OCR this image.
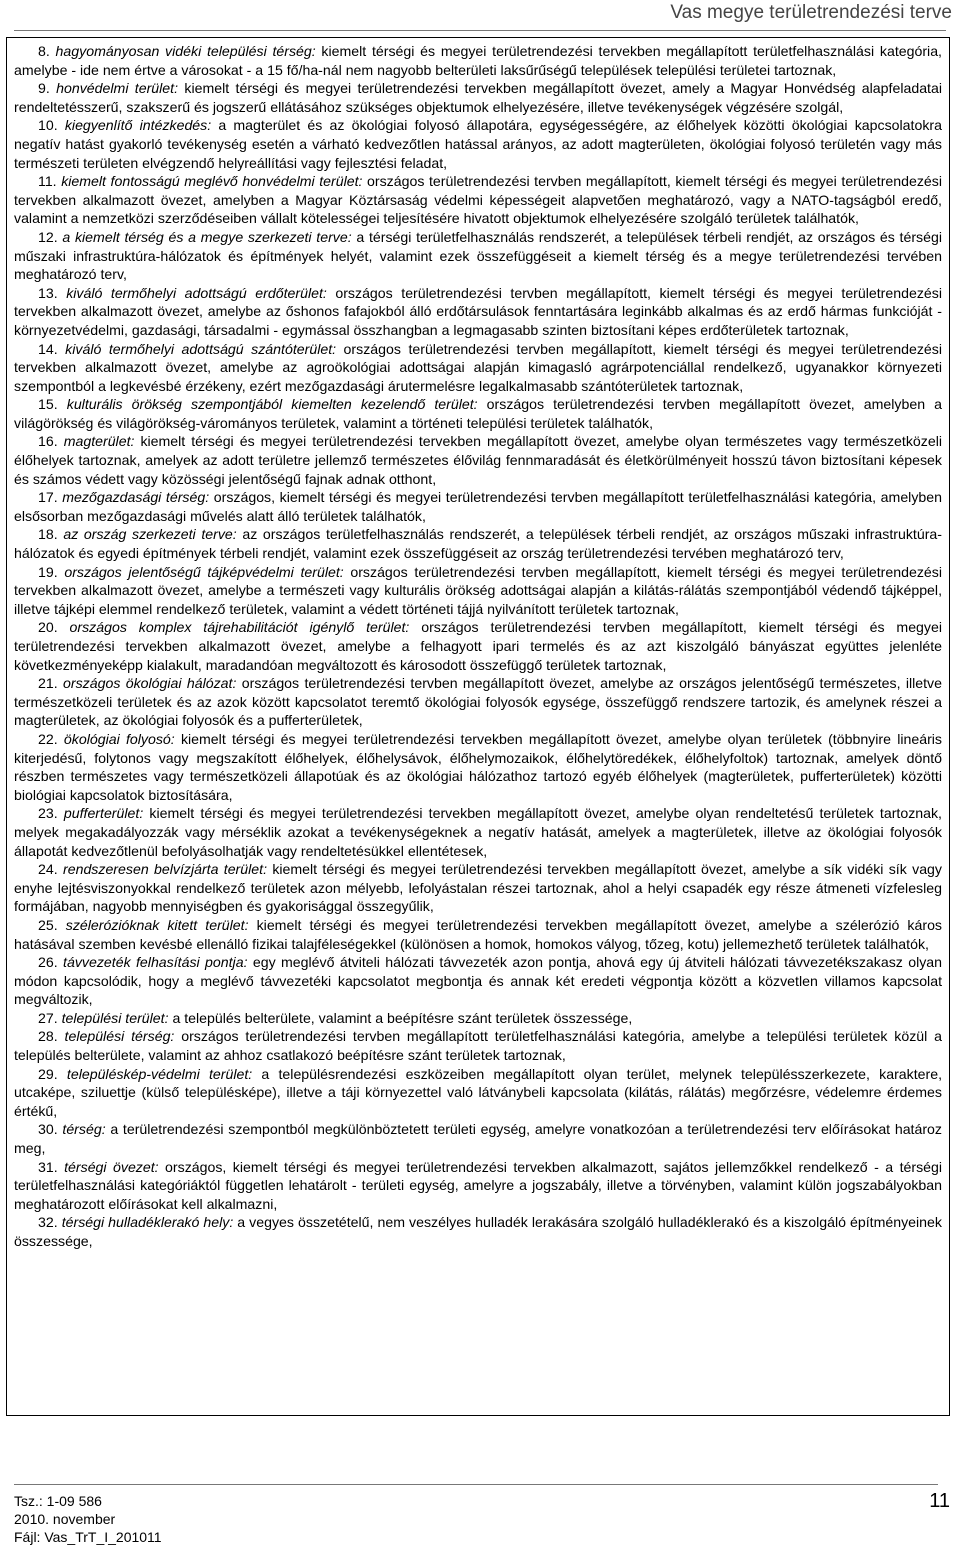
Vas megye területrendezési terve

8. hagyományosan vidéki települési térség: kiemelt térségi és megyei területrendezési tervekben megállapított területfelhasználási kategória, amelybe - ide nem értve a városokat - a 15 fő/ha-nál nem nagyobb belterületi laksűrűségű települések települési területei tartoznak,

9. honvédelmi terület: kiemelt térségi és megyei területrendezési tervekben megállapított övezet, amely a Magyar Honvédség alapfeladatai rendeltetésszerű, szakszerű és jogszerű ellátásához szükséges objektumok elhelyezésére, illetve tevékenységek végzésére szolgál,

10. kiegyenlítő intézkedés: a magterület és az ökológiai folyosó állapotára, egységességére, az élőhelyek közötti ökológiai kapcsolatokra negatív hatást gyakorló tevékenység esetén a várható kedvezőtlen hatással arányos, az adott magterületen, ökológiai folyosó területén vagy más természeti területen elvégzendő helyreállítási vagy fejlesztési feladat,

11. kiemelt fontosságú meglévő honvédelmi terület: országos területrendezési tervben megállapított, kiemelt térségi és megyei területrendezési tervekben alkalmazott övezet, amelyben a Magyar Köztársaság védelmi képességeit alapvetően meghatározó, vagy a NATO-tagságból eredő, valamint a nemzetközi szerződéseiben vállalt kötelességei teljesítésére hivatott objektumok elhelyezésére szolgáló területek találhatók,

12. a kiemelt térség és a megye szerkezeti terve: a térségi területfelhasználás rendszerét, a települések térbeli rendjét, az országos és térségi műszaki infrastruktúra-hálózatok és építmények helyét, valamint ezek összefüggéseit a kiemelt térség és a megye területrendezési tervében meghatározó terv,

13. kiváló termőhelyi adottságú erdőterület: országos területrendezési tervben megállapított, kiemelt térségi és megyei területrendezési tervekben alkalmazott övezet, amelybe az őshonos fafajokból álló erdőtársulások fenntartására leginkább alkalmas és az erdő hármas funkcióját - környezetvédelmi, gazdasági, társadalmi - egymással összhangban a legmagasabb szinten biztosítani képes erdőterületek tartoznak,

14. kiváló termőhelyi adottságú szántóterület: országos területrendezési tervben megállapított, kiemelt térségi és megyei területrendezési tervekben alkalmazott övezet, amelybe az agroökológiai adottságai alapján kimagasló agrárpotenciállal rendelkező, ugyanakkor környezeti szempontból a legkevésbé érzékeny, ezért mezőgazdasági árutermelésre legalkalmasabb szántóterületek tartoznak,

15. kulturális örökség szempontjából kiemelten kezelendő terület: országos területrendezési tervben megállapított övezet, amelyben a világörökség és világörökség-várományos területek, valamint a történeti települési területek találhatók,

16. magterület: kiemelt térségi és megyei területrendezési tervekben megállapított övezet, amelybe olyan természetes vagy természetközeli élőhelyek tartoznak, amelyek az adott területre jellemző természetes élővilág fennmaradását és életkörülményeit hosszú távon biztosítani képesek és számos védett vagy közösségi jelentőségű fajnak adnak otthont,

17. mezőgazdasági térség: országos, kiemelt térségi és megyei területrendezési tervben megállapított területfelhasználási kategória, amelyben elsősorban mezőgazdasági művelés alatt álló területek találhatók,

18. az ország szerkezeti terve: az országos területfelhasználás rendszerét, a települések térbeli rendjét, az országos műszaki infrastruktúra-hálózatok és egyedi építmények térbeli rendjét, valamint ezek összefüggéseit az ország területrendezési tervében meghatározó terv,

19. országos jelentőségű tájképvédelmi terület: országos területrendezési tervben megállapított, kiemelt térségi és megyei területrendezési tervekben alkalmazott övezet, amelybe a természeti vagy kulturális örökség adottságai alapján a kilátás-rálátás szempontjából védendő tájképpel, illetve tájképi elemmel rendelkező területek, valamint a védett történeti tájjá nyilvánított területek tartoznak,

20. országos komplex tájrehabilitációt igénylő terület: országos területrendezési tervben megállapított, kiemelt térségi és megyei területrendezési tervekben alkalmazott övezet, amelybe a felhagyott ipari termelés és az azt kiszolgáló bányászat együttes jelenléte következményeképp kialakult, maradandóan megváltozott és károsodott összefüggő területek tartoznak,

21. országos ökológiai hálózat: országos területrendezési tervben megállapított övezet, amelybe az országos jelentőségű természetes, illetve természetközeli területek és az azok között kapcsolatot teremtő ökológiai folyosók egysége, összefüggő rendszere tartozik, és amelynek részei a magterületek, az ökológiai folyosók és a pufferterületek,

22. ökológiai folyosó: kiemelt térségi és megyei területrendezési tervekben megállapított övezet, amelybe olyan területek (többnyire lineáris kiterjedésű, folytonos vagy megszakított élőhelyek, élőhelysávok, élőhelymozaikok, élőhelytöredékek, élőhelyfoltok) tartoznak, amelyek döntő részben természetes vagy természetközeli állapotúak és az ökológiai hálózathoz tartozó egyéb élőhelyek (magterületek, pufferterületek) közötti biológiai kapcsolatok biztosítására,

23. pufferterület: kiemelt térségi és megyei területrendezési tervekben megállapított övezet, amelybe olyan rendeltetésű területek tartoznak, melyek megakadályozzák vagy mérséklik azokat a tevékenységeknek a negatív hatását, amelyek a magterületek, illetve az ökológiai folyosók állapotát kedvezőtlenül befolyásolhatják vagy rendeltetésükkel ellentétesek,

24. rendszeresen belvízjárta terület: kiemelt térségi és megyei területrendezési tervekben megállapított övezet, amelybe a sík vidéki sík vagy enyhe lejtésviszonyokkal rendelkező területek azon mélyebb, lefolyástalan részei tartoznak, ahol a helyi csapadék egy része átmeneti vízfelesleg formájában, nagyobb mennyiségben és gyakorisággal összegyűlik,

25. szélerózióknak kitett terület: kiemelt térségi és megyei területrendezési tervekben megállapított övezet, amelybe a szélerózió káros hatásával szemben kevésbé ellenálló fizikai talajféleségekkel (különösen a homok, homokos vályog, tőzeg, kotu) jellemezhető területek találhatók,

26. távvezeték felhasítási pontja: egy meglévő átviteli hálózati távvezeték azon pontja, ahová egy új átviteli hálózati távvezetékszakasz olyan módon kapcsolódik, hogy a meglévő távvezetéki kapcsolatot megbontja és annak két eredeti végpontja között a közvetlen villamos kapcsolat megváltozik,

27. települési terület: a település belterülete, valamint a beépítésre szánt területek összessége,

28. települési térség: országos területrendezési tervben megállapított területfelhasználási kategória, amelybe a települési területek közül a település belterülete, valamint az ahhoz csatlakozó beépítésre szánt területek tartoznak,

29. településkép-védelmi terület: a településrendezési eszközeiben megállapított olyan terület, melynek településszerkezete, karaktere, utcaképe, sziluettje (külső településképe), illetve a táji környezettel való látványbeli kapcsolata (kilátás, rálátás) megőrzésre, védelemre érdemes értékű,

30. térség: a területrendezési szempontból megkülönböztetett területi egység, amelyre vonatkozóan a területrendezési terv előírásokat határoz meg,

31. térségi övezet: országos, kiemelt térségi és megyei területrendezési tervekben alkalmazott, sajátos jellemzőkkel rendelkező - a térségi területfelhasználási kategóriáktól független lehatárolt - területi egység, amelyre a jogszabály, illetve a törvényben, valamint külön jogszabályokban meghatározott előírásokat kell alkalmazni,

32. térségi hulladéklerakó hely: a vegyes összetételű, nem veszélyes hulladék lerakására szolgáló hulladéklerakó és a kiszolgáló építményeinek összessége,

Tsz.: 1-09 586
2010. november
Fájl: Vas_TrT_I_201011
11
